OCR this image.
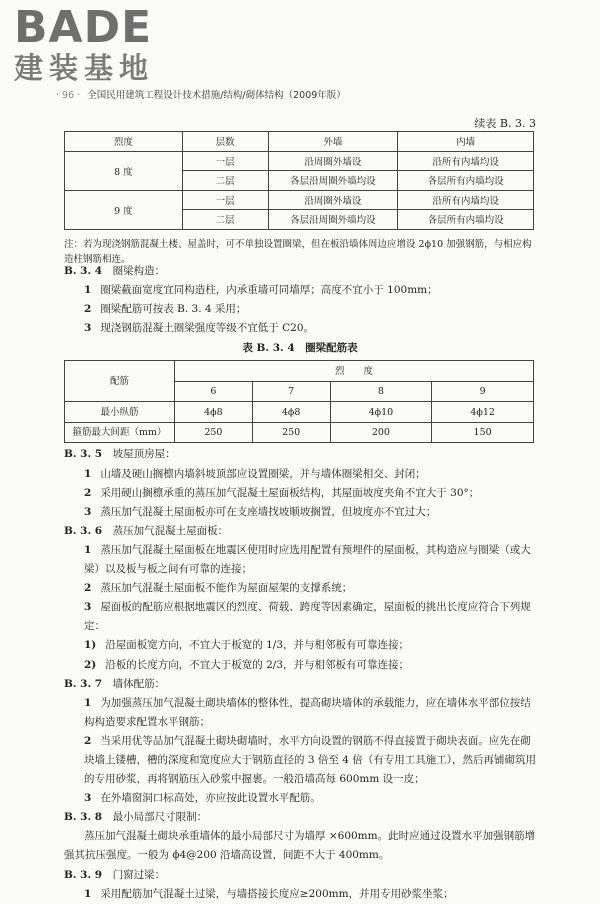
BADE
建装基地
· 96 · 全国民用建筑工程设计技术措施/结构/砌体结构（2009年版）
续表 B. 3. 3
烈度	层数	外墙	内墙
8 度	一层	沿周圈外墙设	沿所有内墙均设
	二层	各层沿周圈外墙均设	各层所有内墙均设
9 度	一层	沿周圈外墙设	沿所有内墙均设
	二层	各层沿周圈外墙均设	各层所有内墙均设
注：若为现浇钢筋混凝土楼、屋盖时，可不单独设置圈梁，但在板沿墙体周边应增设 2ϕ10 加强钢筋，与相应构造柱钢筋相连。

B. 3. 4　 圈梁构造：

1 圈梁截面宽度宜同构造柱，内承重墙可同墙厚；高度不宜小于 100mm；

2 圈梁配筋可按表 B. 3. 4 采用；

3 现浇钢筋混凝土圈梁强度等级不宜低于 C20。

表 B. 3. 4　圈梁配筋表
配筋	烈　　度			
	6	7	8	9
最小纵筋	4ϕ8	4ϕ8	4ϕ10	4ϕ12
箍筋最大间距（mm）	250	250	200	150

B. 3. 5　 坡屋顶房屋：

1 山墙及硬山搁檩内墙斜坡顶部应设置圈梁，并与墙体圈梁相交、封闭；

2 采用硬山搁檩承重的蒸压加气混凝土屋面板结构，其屋面坡度夹角不宜大于 30°；

3 蒸压加气混凝土屋面板亦可在支座墙找坡顺坡搁置，但坡度亦不宜过大；

B. 3. 6　 蒸压加气混凝土屋面板：

1 蒸压加气混凝土屋面板在地震区使用时应选用配置有预埋件的屋面板，其构造应与圈梁（或大梁）以及板与板之间有可靠的连接；

2 蒸压加气混凝土屋面板不能作为屋面屋架的支撑系统；

3 屋面板的配筋应根据地震区的烈度、荷载、跨度等因素确定，屋面板的挑出长度应符合下列规定：

1) 沿屋面板宽方向，不宜大于板宽的 1/3，并与相邻板有可靠连接；

2) 沿板的长度方向，不宜大于板宽的 2/3，并与相邻板有可靠连接；

B. 3. 7　 墙体配筋：

1 为加强蒸压加气混凝土砌块墙体的整体性，提高砌块墙体的承载能力，应在墙体水平部位按结构构造要求配置水平钢筋；

2 当采用优等品加气混凝土砌块砌墙时，水平方向设置的钢筋不得直接置于砌块表面。应先在砌块墙上镂槽，槽的深度和宽度应大于钢筋直径的 3 倍至 4 倍（有专用工具施工），然后再铺砌筑用的专用砂浆，再将钢筋压入砂浆中握裹。一般沿墙高每 600mm 设一皮；

3 在外墙窗洞口标高处，亦应按此设置水平配筋。

B. 3. 8　 最小局部尺寸限制：

蒸压加气混凝土砌块承重墙体的最小局部尺寸为墙厚 ×600mm。此时应通过设置水平加强钢筋增强其抗压强度。一般为 ϕ4@200 沿墙高设置，间距不大于 400mm。

B. 3. 9　 门窗过梁：

1 采用配筋加气混凝土过梁，与墙搭接长度应≥200mm，并用专用砂浆坐浆；
